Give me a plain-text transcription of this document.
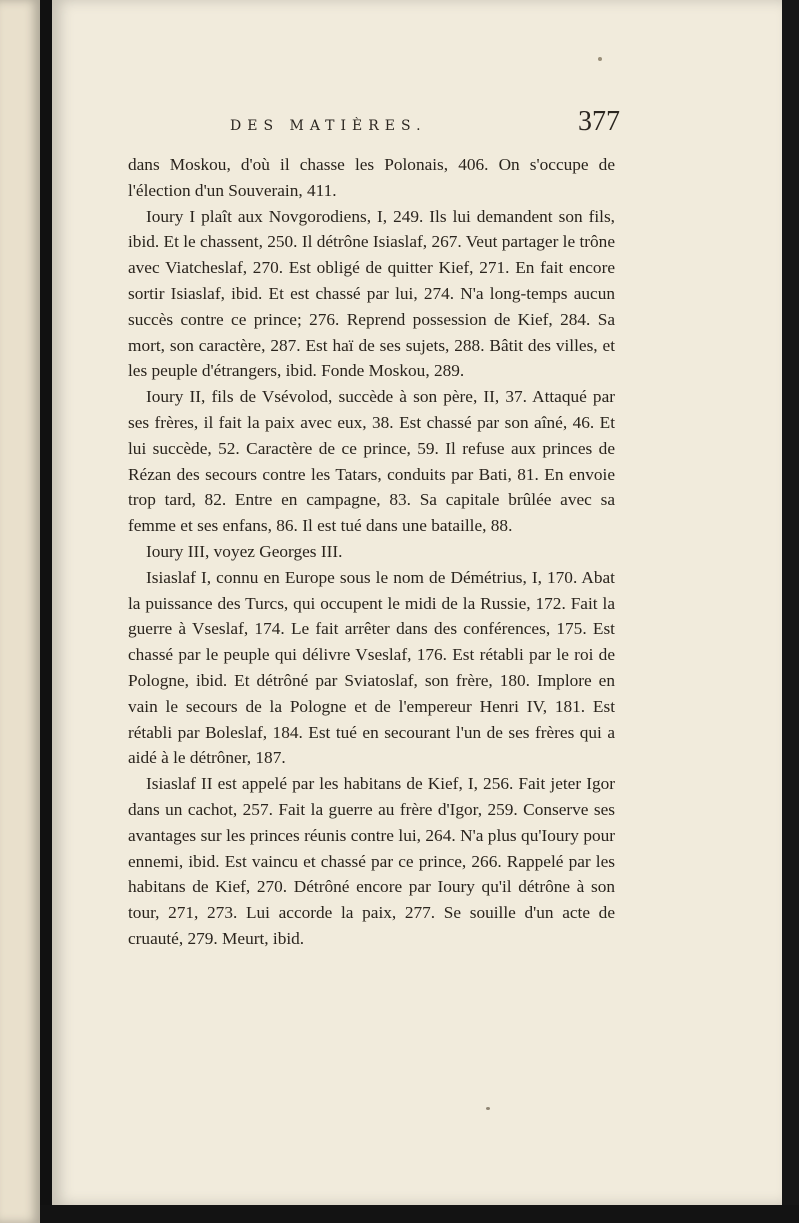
DES MATIÈRES.	377

dans Moskou, d'où il chasse les Polonais, 406. On s'occupe de l'élection d'un Souverain, 411.

Ioury I plaît aux Novgorodiens, I, 249. Ils lui demandent son fils, ibid. Et le chassent, 250. Il détrône Isiaslaf, 267. Veut partager le trône avec Viatcheslaf, 270. Est obligé de quitter Kief, 271. En fait encore sortir Isiaslaf, ibid. Et est chassé par lui, 274. N'a long-temps aucun succès contre ce prince; 276. Reprend possession de Kief, 284. Sa mort, son caractère, 287. Est haï de ses sujets, 288. Bâtit des villes, et les peuple d'étrangers, ibid. Fonde Moskou, 289.

Ioury II, fils de Vsévolod, succède à son père, II, 37. Attaqué par ses frères, il fait la paix avec eux, 38. Est chassé par son aîné, 46. Et lui succède, 52. Caractère de ce prince, 59. Il refuse aux princes de Rézan des secours contre les Tatars, conduits par Bati, 81. En envoie trop tard, 82. Entre en campagne, 83. Sa capitale brûlée avec sa femme et ses enfans, 86. Il est tué dans une bataille, 88.

Ioury III, voyez Georges III.

Isiaslaf I, connu en Europe sous le nom de Démétrius, I, 170. Abat la puissance des Turcs, qui occupent le midi de la Russie, 172. Fait la guerre à Vseslaf, 174. Le fait arrêter dans des conférences, 175. Est chassé par le peuple qui délivre Vseslaf, 176. Est rétabli par le roi de Pologne, ibid. Et détrôné par Sviatoslaf, son frère, 180. Implore en vain le secours de la Pologne et de l'empereur Henri IV, 181. Est rétabli par Boleslaf, 184. Est tué en secourant l'un de ses frères qui a aidé à le détrôner, 187.

Isiaslaf II est appelé par les habitans de Kief, I, 256. Fait jeter Igor dans un cachot, 257. Fait la guerre au frère d'Igor, 259. Conserve ses avantages sur les princes réunis contre lui, 264. N'a plus qu'Ioury pour ennemi, ibid. Est vaincu et chassé par ce prince, 266. Rappelé par les habitans de Kief, 270. Détrôné encore par Ioury qu'il détrône à son tour, 271, 273. Lui accorde la paix, 277. Se souille d'un acte de cruauté, 279. Meurt, ibid.
